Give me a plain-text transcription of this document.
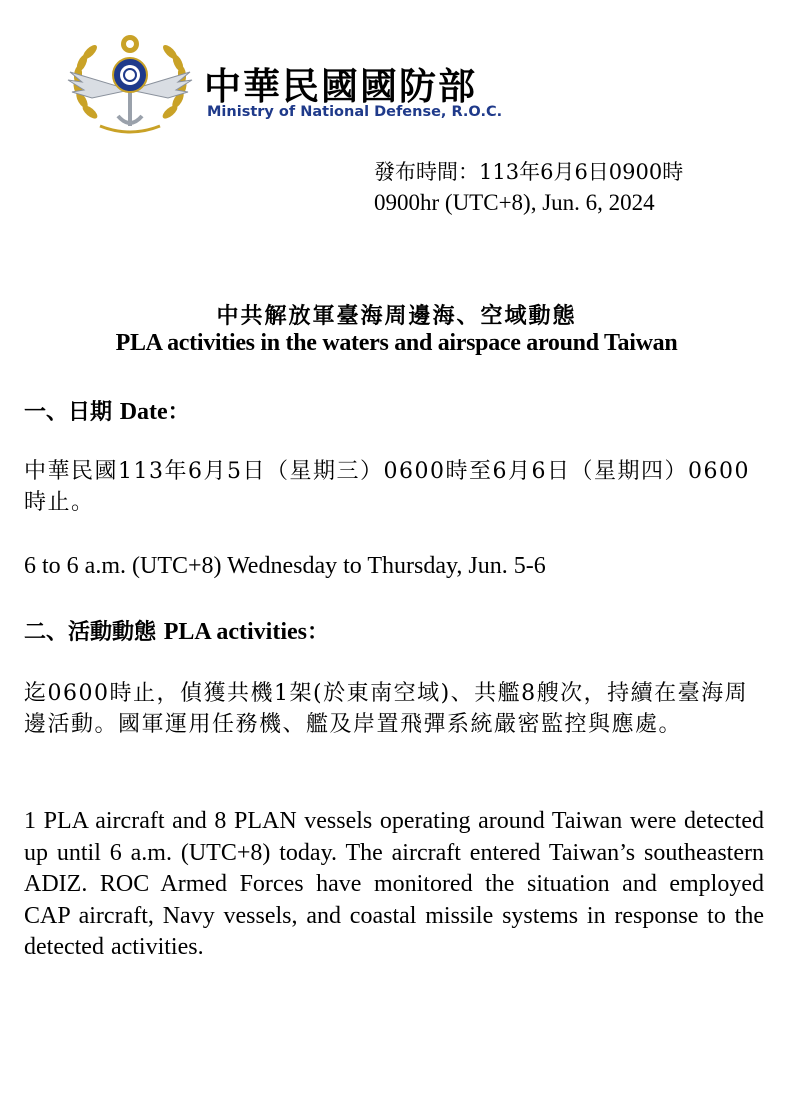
中華民國國防部
Ministry of National Defense, R.O.C.
發布時間：113年6月6日0900時
0900hr (UTC+8), Jun. 6, 2024
中共解放軍臺海周邊海、空域動態
PLA activities in the waters and airspace around Taiwan
一、日期 Date：
中華民國113年6月5日（星期三）0600時至6月6日（星期四）0600時止。
6 to 6 a.m. (UTC+8) Wednesday to Thursday, Jun. 5-6
二、活動動態 PLA activities：
迄0600時止，偵獲共機1架(於東南空域)、共艦8艘次，持續在臺海周邊活動。國軍運用任務機、艦及岸置飛彈系統嚴密監控與應處。
1 PLA aircraft and 8 PLAN vessels operating around Taiwan were detected up until 6 a.m. (UTC+8) today. The aircraft entered Taiwan’s southeastern ADIZ. ROC Armed Forces have monitored the situation and employed CAP aircraft, Navy vessels, and coastal missile systems in response to the detected activities.
